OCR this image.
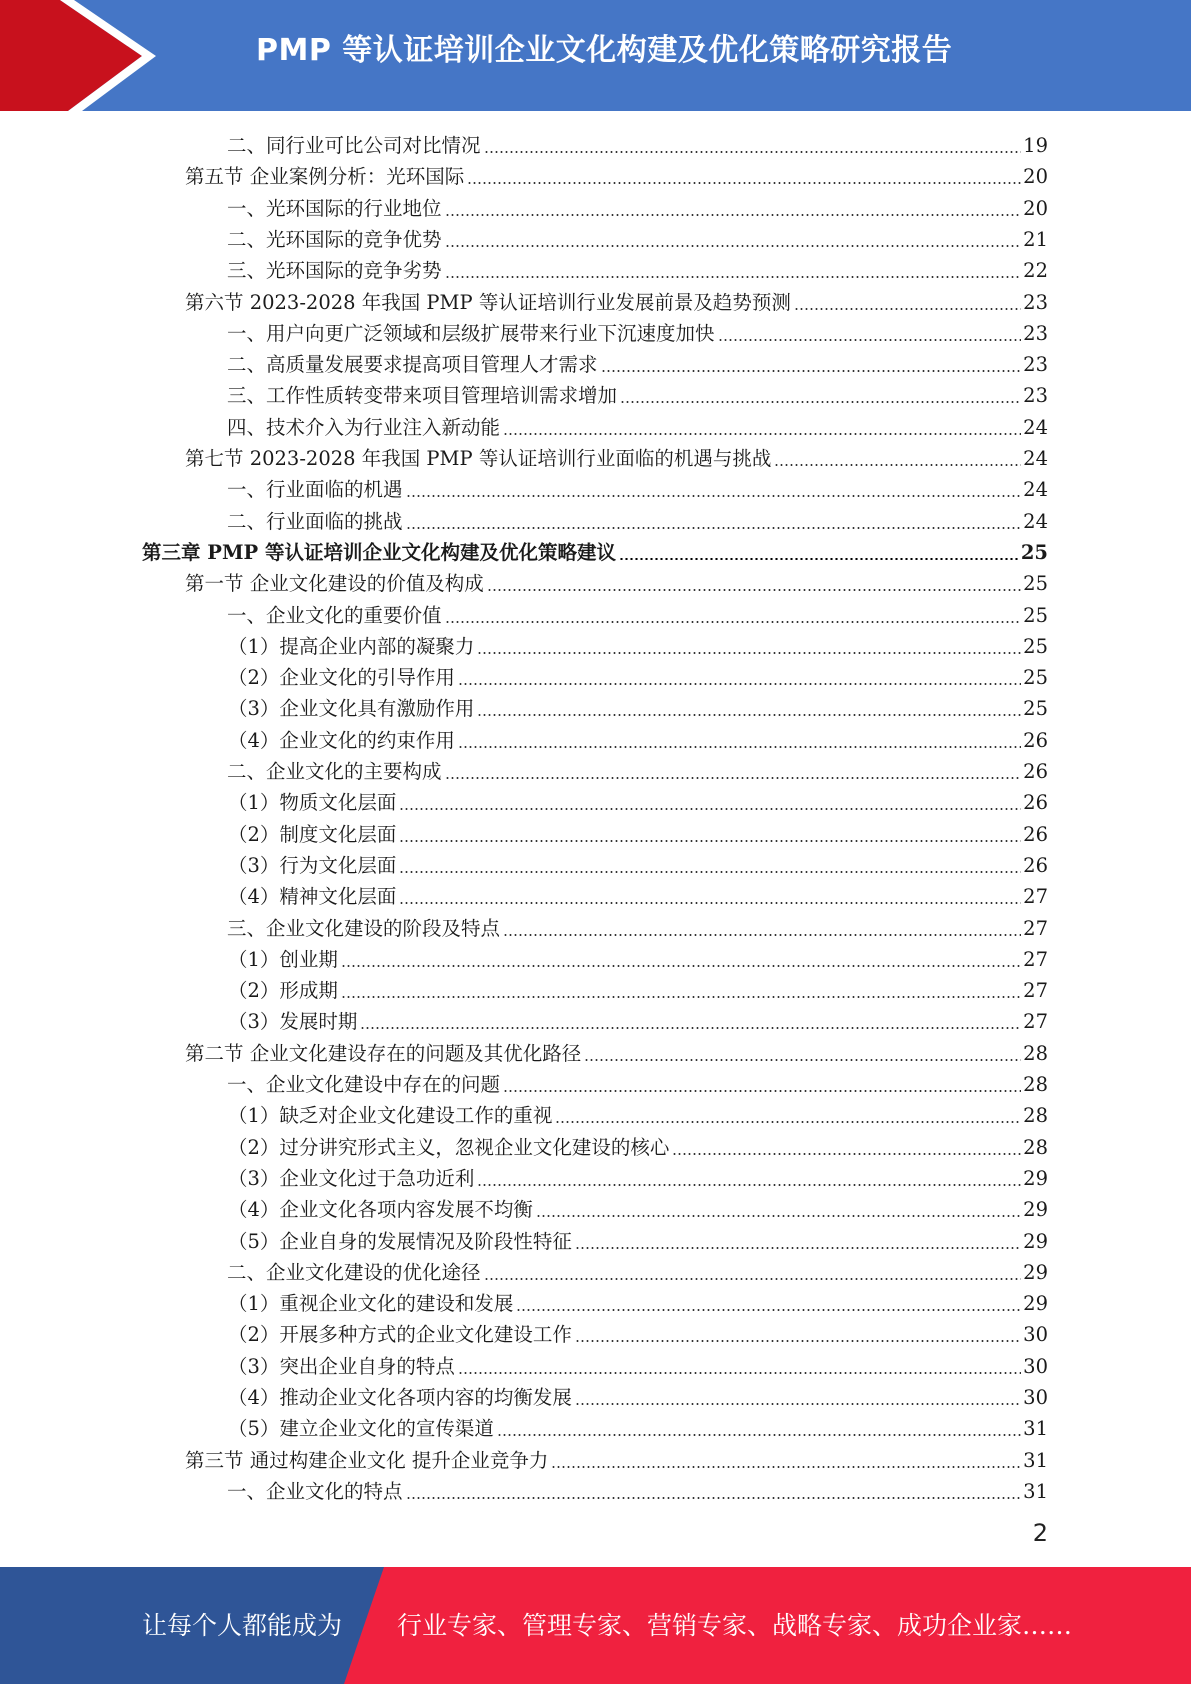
PMP 等认证培训企业文化构建及优化策略研究报告
二、同行业可比公司对比情况	19
第五节 企业案例分析：光环国际	20
一、光环国际的行业地位	20
二、光环国际的竞争优势	21
三、光环国际的竞争劣势	22
第六节 2023-2028 年我国 PMP 等认证培训行业发展前景及趋势预测	23
一、用户向更广泛领域和层级扩展带来行业下沉速度加快	23
二、高质量发展要求提高项目管理人才需求	23
三、工作性质转变带来项目管理培训需求增加	23
四、技术介入为行业注入新动能	24
第七节 2023-2028 年我国 PMP 等认证培训行业面临的机遇与挑战	24
一、行业面临的机遇	24
二、行业面临的挑战	24
第三章 PMP 等认证培训企业文化构建及优化策略建议	25
第一节 企业文化建设的价值及构成	25
一、企业文化的重要价值	25
（1）提高企业内部的凝聚力	25
（2）企业文化的引导作用	25
（3）企业文化具有激励作用	25
（4）企业文化的约束作用	26
二、企业文化的主要构成	26
（1）物质文化层面	26
（2）制度文化层面	26
（3）行为文化层面	26
（4）精神文化层面	27
三、企业文化建设的阶段及特点	27
（1）创业期	27
（2）形成期	27
（3）发展时期	27
第二节 企业文化建设存在的问题及其优化路径	28
一、企业文化建设中存在的问题	28
（1）缺乏对企业文化建设工作的重视	28
（2）过分讲究形式主义，忽视企业文化建设的核心	28
（3）企业文化过于急功近利	29
（4）企业文化各项内容发展不均衡	29
（5）企业自身的发展情况及阶段性特征	29
二、企业文化建设的优化途径	29
（1）重视企业文化的建设和发展	29
（2）开展多种方式的企业文化建设工作	30
（3）突出企业自身的特点	30
（4）推动企业文化各项内容的均衡发展	30
（5）建立企业文化的宣传渠道	31
第三节 通过构建企业文化 提升企业竞争力	31
一、企业文化的特点	31
2
让每个人都能成为 行业专家、管理专家、营销专家、战略专家、成功企业家……
